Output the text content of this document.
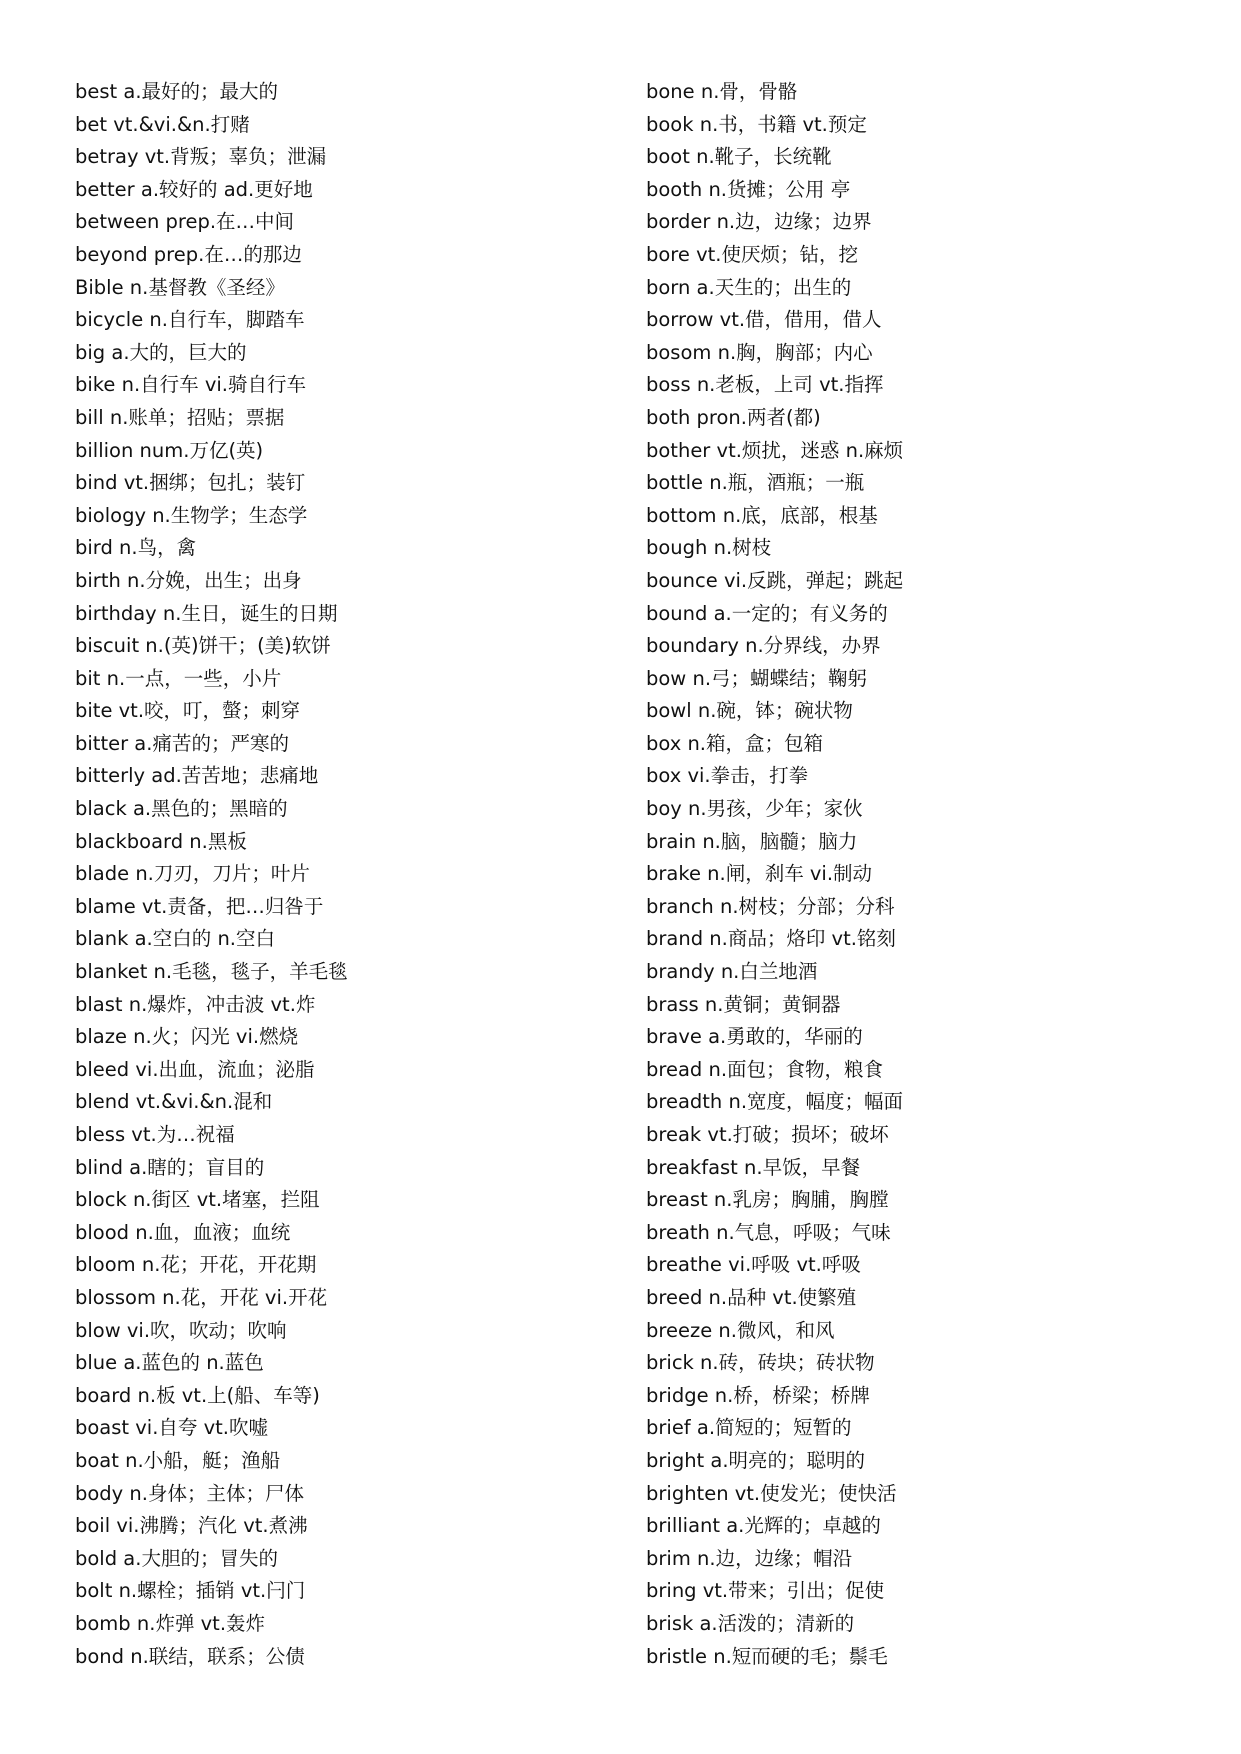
best a.最好的；最大的
bet vt.&vi.&n.打赌
betray vt.背叛；辜负；泄漏
better a.较好的 ad.更好地
between prep.在…中间
beyond prep.在…的那边
Bible n.基督教《圣经》
bicycle n.自行车，脚踏车
big a.大的，巨大的
bike n.自行车 vi.骑自行车
bill n.账单；招贴；票据
billion num.万亿(英)
bind vt.捆绑；包扎；装钉
biology n.生物学；生态学
bird n.鸟，禽
birth n.分娩，出生；出身
birthday n.生日，诞生的日期
biscuit n.(英)饼干；(美)软饼
bit n.一点，一些，小片
bite vt.咬，叮，螫；刺穿
bitter a.痛苦的；严寒的
bitterly ad.苦苦地；悲痛地
black a.黑色的；黑暗的
blackboard n.黑板
blade n.刀刃，刀片；叶片
blame vt.责备，把…归咎于
blank a.空白的 n.空白
blanket n.毛毯，毯子，羊毛毯
blast n.爆炸，冲击波 vt.炸
blaze n.火；闪光 vi.燃烧
bleed vi.出血，流血；泌脂
blend vt.&vi.&n.混和
bless vt.为…祝福
blind a.瞎的；盲目的
block n.街区 vt.堵塞，拦阻
blood n.血，血液；血统
bloom n.花；开花，开花期
blossom n.花，开花 vi.开花
blow vi.吹，吹动；吹响
blue a.蓝色的 n.蓝色
board n.板 vt.上(船、车等)
boast vi.自夸 vt.吹嘘
boat n.小船，艇；渔船
body n.身体；主体；尸体
boil vi.沸腾；汽化 vt.煮沸
bold a.大胆的；冒失的
bolt n.螺栓；插销 vt.闩门
bomb n.炸弹 vt.轰炸
bond n.联结，联系；公债
bone n.骨，骨骼
book n.书，书籍 vt.预定
boot n.靴子，长统靴
booth n.货摊；公用 亭
border n.边，边缘；边界
bore vt.使厌烦；钻，挖
born a.天生的；出生的
borrow vt.借，借用，借人
bosom n.胸，胸部；内心
boss n.老板，上司 vt.指挥
both pron.两者(都)
bother vt.烦扰，迷惑 n.麻烦
bottle n.瓶，酒瓶；一瓶
bottom n.底，底部，根基
bough n.树枝
bounce vi.反跳，弹起；跳起
bound a.一定的；有义务的
boundary n.分界线，办界
bow n.弓；蝴蝶结；鞠躬
bowl n.碗，钵；碗状物
box n.箱，盒；包箱
box vi.拳击，打拳
boy n.男孩，少年；家伙
brain n.脑，脑髓；脑力
brake n.闸，刹车 vi.制动
branch n.树枝；分部；分科
brand n.商品；烙印 vt.铭刻
brandy n.白兰地酒
brass n.黄铜；黄铜器
brave a.勇敢的，华丽的
bread n.面包；食物，粮食
breadth n.宽度，幅度；幅面
break vt.打破；损坏；破坏
breakfast n.早饭，早餐
breast n.乳房；胸脯，胸膛
breath n.气息，呼吸；气味
breathe vi.呼吸 vt.呼吸
breed n.品种 vt.使繁殖
breeze n.微风，和风
brick n.砖，砖块；砖状物
bridge n.桥，桥梁；桥牌
brief a.简短的；短暂的
bright a.明亮的；聪明的
brighten vt.使发光；使快活
brilliant a.光辉的；卓越的
brim n.边，边缘；帽沿
bring vt.带来；引出；促使
brisk a.活泼的；清新的
bristle n.短而硬的毛；鬃毛
